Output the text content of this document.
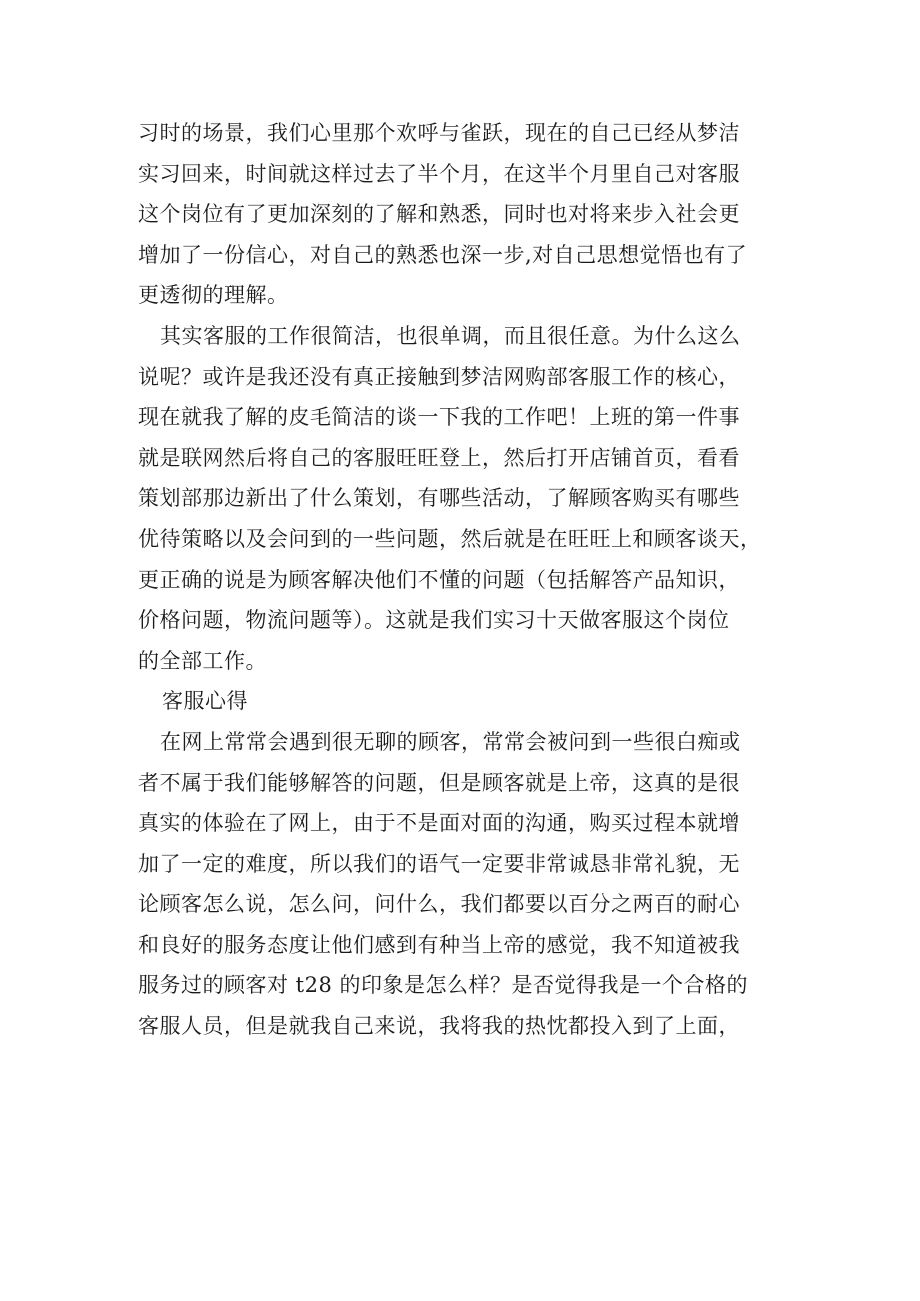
习时的场景，我们心里那个欢呼与雀跃，现在的自己已经从梦洁
实习回来，时间就这样过去了半个月，在这半个月里自己对客服
这个岗位有了更加深刻的了解和熟悉，同时也对将来步入社会更
增加了一份信心，对自己的熟悉也深一步,对自己思想觉悟也有了
更透彻的理解。
其实客服的工作很简洁，也很单调，而且很任意。为什么这么
说呢？或许是我还没有真正接触到梦洁网购部客服工作的核心，
现在就我了解的皮毛简洁的谈一下我的工作吧！上班的第一件事
就是联网然后将自己的客服旺旺登上，然后打开店铺首页，看看
策划部那边新出了什么策划，有哪些活动，了解顾客购买有哪些
优待策略以及会问到的一些问题，然后就是在旺旺上和顾客谈天，
更正确的说是为顾客解决他们不懂的问题（包括解答产品知识，
价格问题，物流问题等）。这就是我们实习十天做客服这个岗位
的全部工作。
客服心得
在网上常常会遇到很无聊的顾客，常常会被问到一些很白痴或
者不属于我们能够解答的问题，但是顾客就是上帝，这真的是很
真实的体验在了网上，由于不是面对面的沟通，购买过程本就增
加了一定的难度，所以我们的语气一定要非常诚恳非常礼貌，无
论顾客怎么说，怎么问，问什么，我们都要以百分之两百的耐心
和良好的服务态度让他们感到有种当上帝的感觉，我不知道被我
服务过的顾客对 t28 的印象是怎么样？是否觉得我是一个合格的
客服人员，但是就我自己来说，我将我的热忱都投入到了上面，
